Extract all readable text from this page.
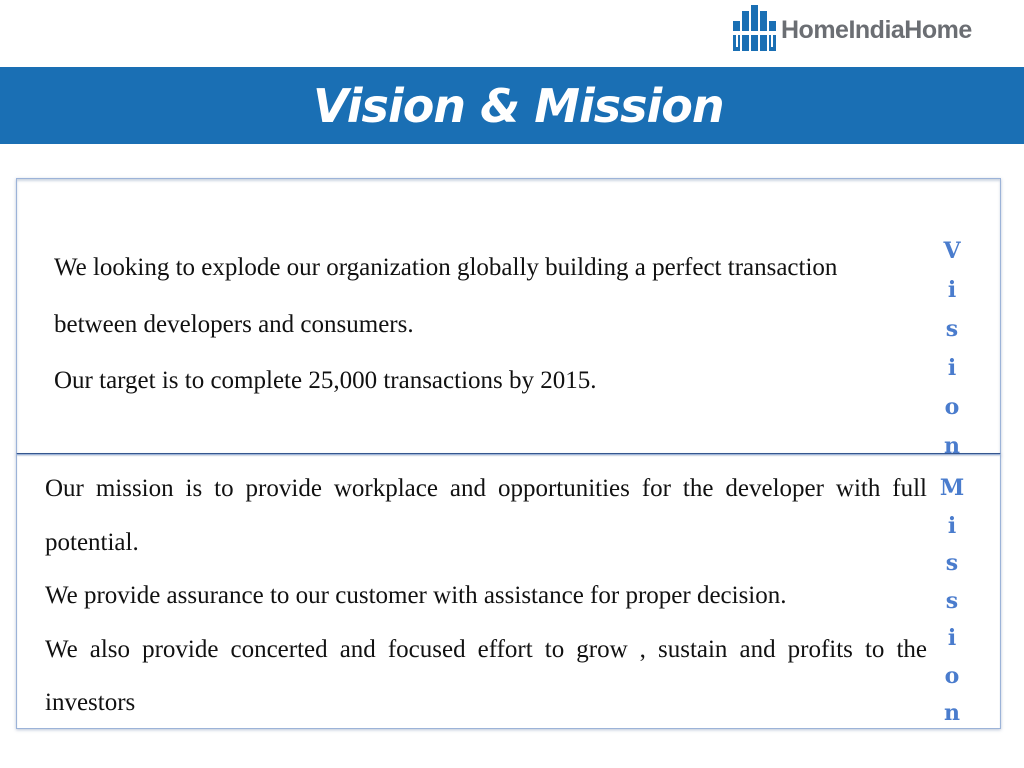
HomeIndiaHome
Vision & Mission

We looking to explode our organization globally building a perfect transaction between developers and consumers.

Our target is to complete 25,000 transactions by 2015.

Our mission is to provide workplace and opportunities for the developer with full potential.

We provide assurance to our customer with assistance for proper decision.

We also provide concerted and focused effort to grow , sustain and profits to the investors

V
i
s
i
o
n
M
i
s
s
i
o
n
